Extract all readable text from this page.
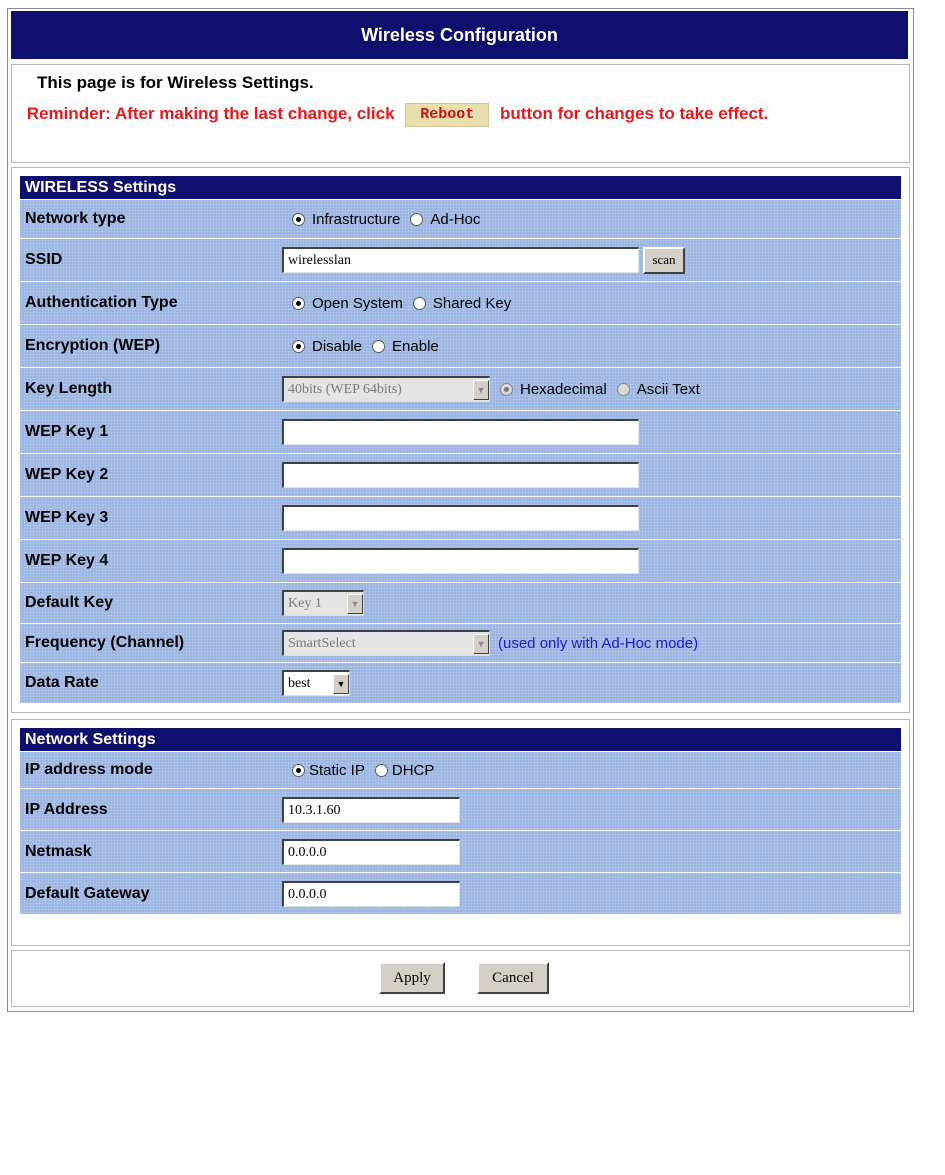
Wireless Configuration
This page is for Wireless Settings.
Reminder: After making the last change, click Reboot button for changes to take effect.
WIRELESS Settings
Network type	Infrastructure Ad-Hoc
SSID	wirelesslan	scan
Authentication Type	Open System Shared Key
Encryption (WEP)	Disable Enable
Key Length	40bits (WEP 64bits)	▼ Hexadecimal Ascii Text
WEP Key 1
WEP Key 2
WEP Key 3
WEP Key 4
Default Key	Key 1	▼
Frequency (Channel)	SmartSelect	▼ (used only with Ad-Hoc mode)
Data Rate	best	▼
Network Settings
IP address mode	Static IP DHCP
IP Address	10.3.1.60
Netmask	0.0.0.0
Default Gateway	0.0.0.0
Apply	Cancel
